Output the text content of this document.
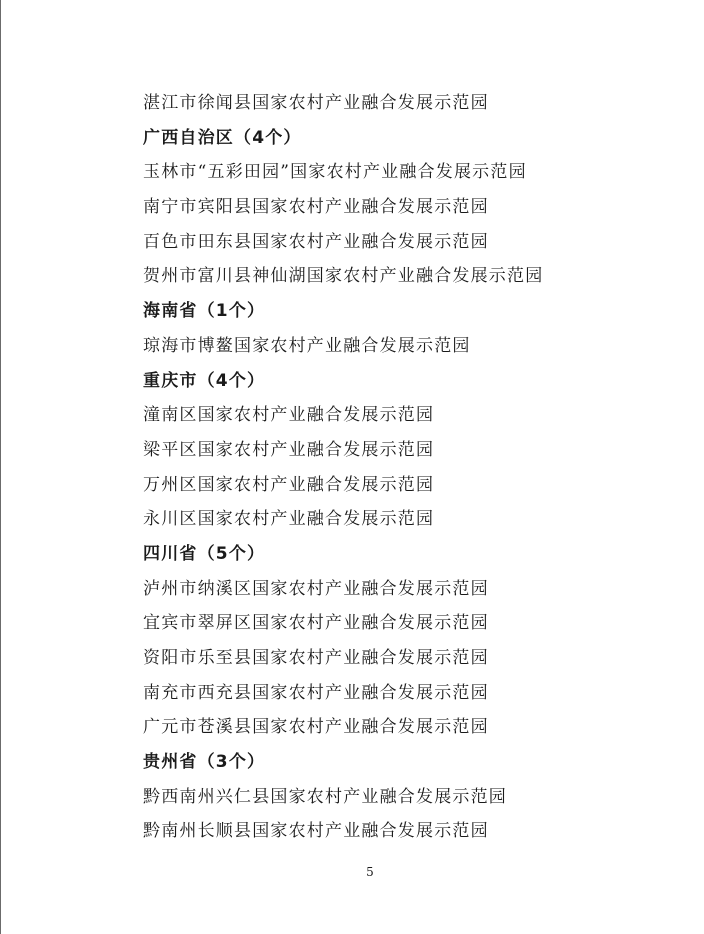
湛江市徐闻县国家农村产业融合发展示范园
广西自治区（4个）
玉林市“五彩田园”国家农村产业融合发展示范园
南宁市宾阳县国家农村产业融合发展示范园
百色市田东县国家农村产业融合发展示范园
贺州市富川县神仙湖国家农村产业融合发展示范园
海南省（1个）
琼海市博鳌国家农村产业融合发展示范园
重庆市（4个）
潼南区国家农村产业融合发展示范园
梁平区国家农村产业融合发展示范园
万州区国家农村产业融合发展示范园
永川区国家农村产业融合发展示范园
四川省（5个）
泸州市纳溪区国家农村产业融合发展示范园
宜宾市翠屏区国家农村产业融合发展示范园
资阳市乐至县国家农村产业融合发展示范园
南充市西充县国家农村产业融合发展示范园
广元市苍溪县国家农村产业融合发展示范园
贵州省（3个）
黔西南州兴仁县国家农村产业融合发展示范园
黔南州长顺县国家农村产业融合发展示范园
5
